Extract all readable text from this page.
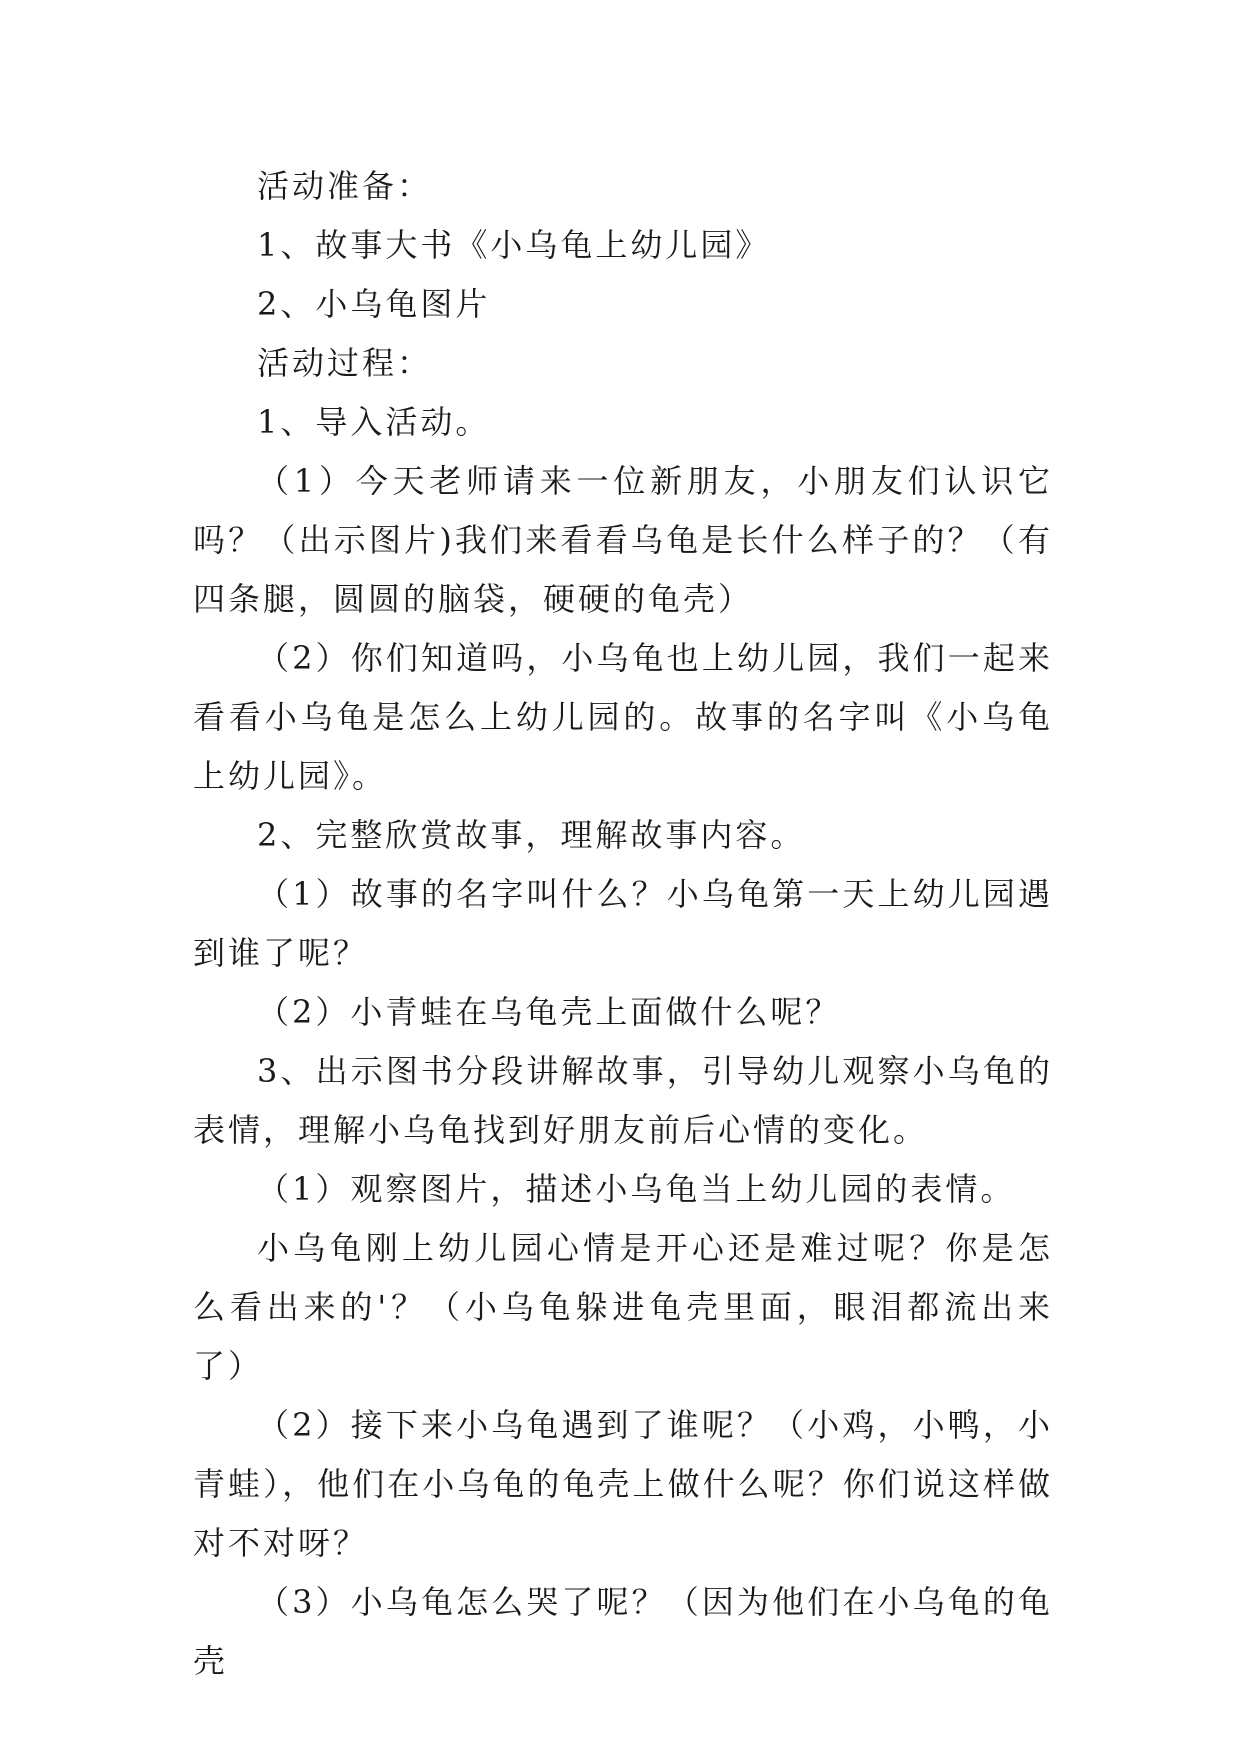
活动准备：

1、故事大书《小乌龟上幼儿园》

2、小乌龟图片

活动过程：

1、导入活动。

（1）今天老师请来一位新朋友，小朋友们认识它吗？（出示图片)我们来看看乌龟是长什么样子的？（有四条腿，圆圆的脑袋，硬硬的龟壳）

（2）你们知道吗，小乌龟也上幼儿园，我们一起来看看小乌龟是怎么上幼儿园的。故事的名字叫《小乌龟上幼儿园》。

2、完整欣赏故事，理解故事内容。

（1）故事的名字叫什么？小乌龟第一天上幼儿园遇到谁了呢？

（2）小青蛙在乌龟壳上面做什么呢？

3、出示图书分段讲解故事，引导幼儿观察小乌龟的表情，理解小乌龟找到好朋友前后心情的变化。

（1）观察图片，描述小乌龟当上幼儿园的表情。

小乌龟刚上幼儿园心情是开心还是难过呢？你是怎么看出来的'？（小乌龟躲进龟壳里面，眼泪都流出来了）

（2）接下来小乌龟遇到了谁呢？（小鸡，小鸭，小青蛙），他们在小乌龟的龟壳上做什么呢？你们说这样做对不对呀？

（3）小乌龟怎么哭了呢？（因为他们在小乌龟的龟壳
